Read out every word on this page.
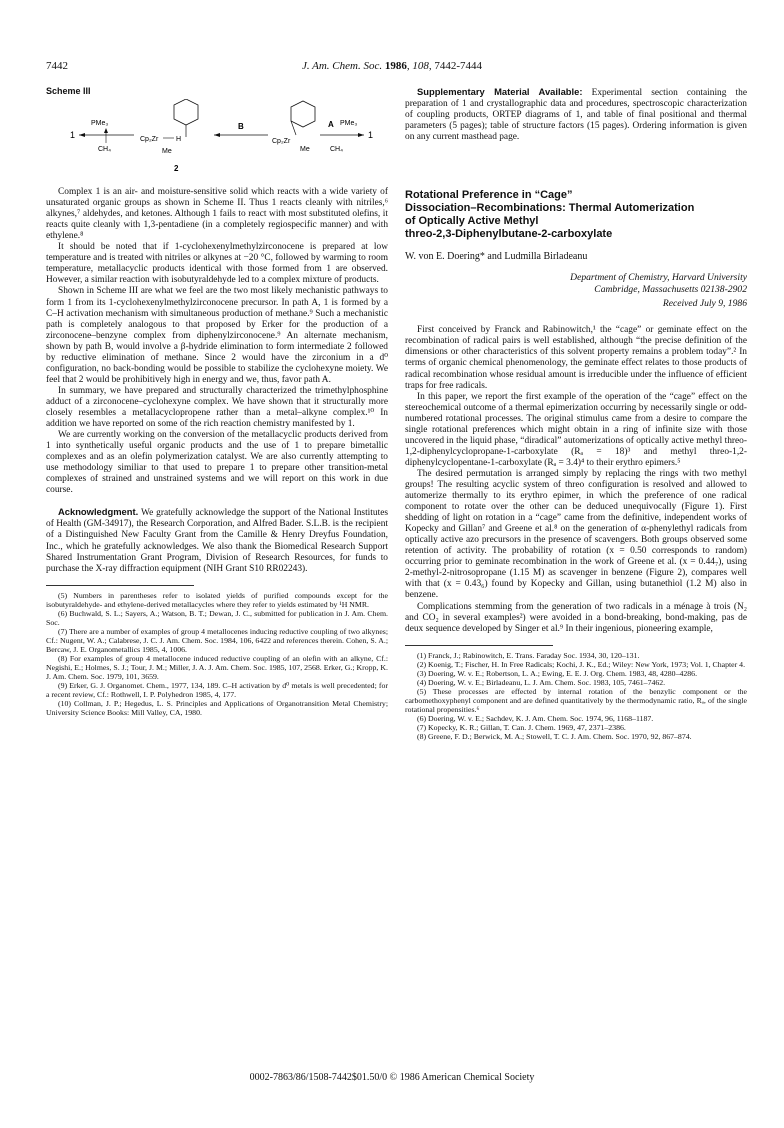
7442	J. Am. Chem. Soc. 1986, 108, 7442-7444
Scheme III
1
PMe₃
CH₄
Cp₂Zr	H
Me
B
Cp₂Zr
Me
A PMe₃
CH₄
1
2

Complex 1 is an air- and moisture-sensitive solid which reacts with a wide variety of unsaturated organic groups as shown in Scheme II. Thus 1 reacts cleanly with nitriles,⁶ alkynes,⁷ aldehydes, and ketones. Although 1 fails to react with most substituted olefins, it reacts quite cleanly with 1,3-pentadiene (in a completely regiospecific manner) and with ethylene.⁸

It should be noted that if 1-cyclohexenylmethylzirconocene is prepared at low temperature and is treated with nitriles or alkynes at −20 °C, followed by warming to room temperature, metallacyclic products identical with those formed from 1 are observed. However, a similar reaction with isobutyraldehyde led to a complex mixture of products.

Shown in Scheme III are what we feel are the two most likely mechanistic pathways to form 1 from its 1-cyclohexenylmethylzirconocene precursor. In path A, 1 is formed by a C–H activation mechanism with simultaneous production of methane.⁹ Such a mechanistic path is completely analogous to that proposed by Erker for the production of a zirconocene–benzyne complex from diphenylzirconocene.⁹ An alternate mechanism, shown by path B, would involve a β-hydride elimination to form intermediate 2 followed by reductive elimination of methane. Since 2 would have the zirconium in a d⁰ configuration, no back-bonding would be possible to stabilize the cyclohexyne moiety. We feel that 2 would be prohibitively high in energy and we, thus, favor path A.

In summary, we have prepared and structurally characterized the trimethylphosphine adduct of a zirconocene–cyclohexyne complex. We have shown that it structurally more closely resembles a metallacyclopropene rather than a metal–alkyne complex.¹⁰ In addition we have reported on some of the rich reaction chemistry manifested by 1.

We are currently working on the conversion of the metallacyclic products derived from 1 into synthetically useful organic products and the use of 1 to prepare bimetallic complexes and as an olefin polymerization catalyst. We are also currently attempting to use methodology similiar to that used to prepare 1 to prepare other transition-metal complexes of strained and unstrained systems and we will report on this work in due course.

Acknowledgment. We gratefully acknowledge the support of the National Institutes of Health (GM-34917), the Research Corporation, and Alfred Bader. S.L.B. is the recipient of a Distinguished New Faculty Grant from the Camille & Henry Dreyfus Foundation, Inc., which he gratefully acknowledges. We also thank the Biomedical Research Support Shared Instrumentation Grant Program, Division of Research Resources, for funds to purchase the X-ray diffraction equipment (NIH Grant S10 RR02243).

(5) Numbers in parentheses refer to isolated yields of purified compounds except for the isobutyraldehyde- and ethylene-derived metallacycles where they refer to yields estimated by ¹H NMR.

(6) Buchwald, S. L.; Sayers, A.; Watson, B. T.; Dewan, J. C., submitted for publication in J. Am. Chem. Soc.

(7) There are a number of examples of group 4 metallocenes inducing reductive coupling of two alkynes; Cf.: Nugent, W. A.; Calabrese, J. C. J. Am. Chem. Soc. 1984, 106, 6422 and references therein. Cohen, S. A.; Bercaw, J. E. Organometallics 1985, 4, 1006.

(8) For examples of group 4 metallocene induced reductive coupling of an olefin with an alkyne, Cf.: Negishi, E.; Holmes, S. J.; Tour, J. M.; Miller, J. A. J. Am. Chem. Soc. 1985, 107, 2568. Erker, G.; Kropp, K. J. Am. Chem. Soc. 1979, 101, 3659.

(9) Erker, G. J. Organomet. Chem., 1977, 134, 189. C–H activation by d⁰ metals is well precedented; for a recent review, Cf.: Rothwell, I. P. Polyhedron 1985, 4, 177.

(10) Collman, J. P.; Hegedus, L. S. Principles and Applications of Organotransition Metal Chemistry; University Science Books: Mill Valley, CA, 1980.

Supplementary Material Available: Experimental section containing the preparation of 1 and crystallographic data and procedures, spectroscopic characterization of coupling products, ORTEP diagrams of 1, and table of final positional and thermal parameters (5 pages); table of structure factors (15 pages). Ordering information is given on any current masthead page.

Rotational Preference in “Cage”
Dissociation–Recombinations: Thermal Automerization
of Optically Active Methyl
threo-2,3-Diphenylbutane-2-carboxylate
W. von E. Doering* and Ludmilla Birladeanu

Department of Chemistry, Harvard University

Cambridge, Massachusetts 02138-2902

Received July 9, 1986

First conceived by Franck and Rabinowitch,¹ the “cage” or geminate effect on the recombination of radical pairs is well established, although “the precise definition of the dimensions or other characteristics of this solvent property remains a problem today”.² In terms of organic chemical phenomenology, the geminate effect relates to those products of radical recombination whose residual amount is irreducible under the influence of efficient traps for free radicals.

In this paper, we report the first example of the operation of the “cage” effect on the stereochemical outcome of a thermal epimerization occurring by necessarily single or odd-numbered rotational processes. The original stimulus came from a desire to compare the single rotational preferences which might obtain in a ring of infinite size with those uncovered in the liquid phase, “diradical” automerizations of optically active methyl threo-1,2-diphenylcyclopropane-1-carboxylate (Rₐ = 18)³ and methyl threo-1,2-diphenylcyclopentane-1-carboxylate (Rₐ = 3.4)⁴ to their erythro epimers.⁵

The desired permutation is arranged simply by replacing the rings with two methyl groups! The resulting acyclic system of threo configuration is resolved and allowed to automerize thermally to its erythro epimer, in which the preference of one radical component to rotate over the other can be deduced unequivocally (Figure 1). First shedding of light on rotation in a “cage” came from the definitive, independent works of Kopecky and Gillan⁷ and Greene et al.⁸ on the generation of α-phenylethyl radicals from optically active azo precursors in the presence of scavengers. Both groups observed some retention of activity. The probability of rotation (x = 0.50 corresponds to random) occurring prior to geminate recombination in the work of Greene et al. (x = 0.44₇), using 2-methyl-2-nitrosopropane (1.15 M) as scavenger in benzene (Figure 2), compares well with that (x = 0.43₆) found by Kopecky and Gillan, using butanethiol (1.2 M) also in benzene.

Complications stemming from the generation of two radicals in a ménage à trois (N₂ and CO₂ in several examples²) were avoided in a bond-breaking, bond-making, pas de deux sequence developed by Singer et al.⁹ In their ingenious, pioneering example,

(1) Franck, J.; Rabinowitch, E. Trans. Faraday Soc. 1934, 30, 120–131.

(2) Koenig, T.; Fischer, H. In Free Radicals; Kochi, J. K., Ed.; Wiley: New York, 1973; Vol. 1, Chapter 4.

(3) Doering, W. v. E.; Robertson, L. A.; Ewing, E. E. J. Org. Chem. 1983, 48, 4280–4286.

(4) Doering, W. v. E.; Birladeanu, L. J. Am. Chem. Soc. 1983, 105, 7461–7462.

(5) These processes are effected by internal rotation of the benzylic component or the carbomethoxyphenyl component and are defined quantitatively by the thermodynamic ratio, Rₐ, of the single rotational propensities.⁶

(6) Doering, W. v. E.; Sachdev, K. J. Am. Chem. Soc. 1974, 96, 1168–1187.

(7) Kopecky, K. R.; Gillan, T. Can. J. Chem. 1969, 47, 2371–2386.

(8) Greene, F. D.; Berwick, M. A.; Stowell, T. C. J. Am. Chem. Soc. 1970, 92, 867–874.

0002-7863/86/1508-7442$01.50/0 © 1986 American Chemical Society
